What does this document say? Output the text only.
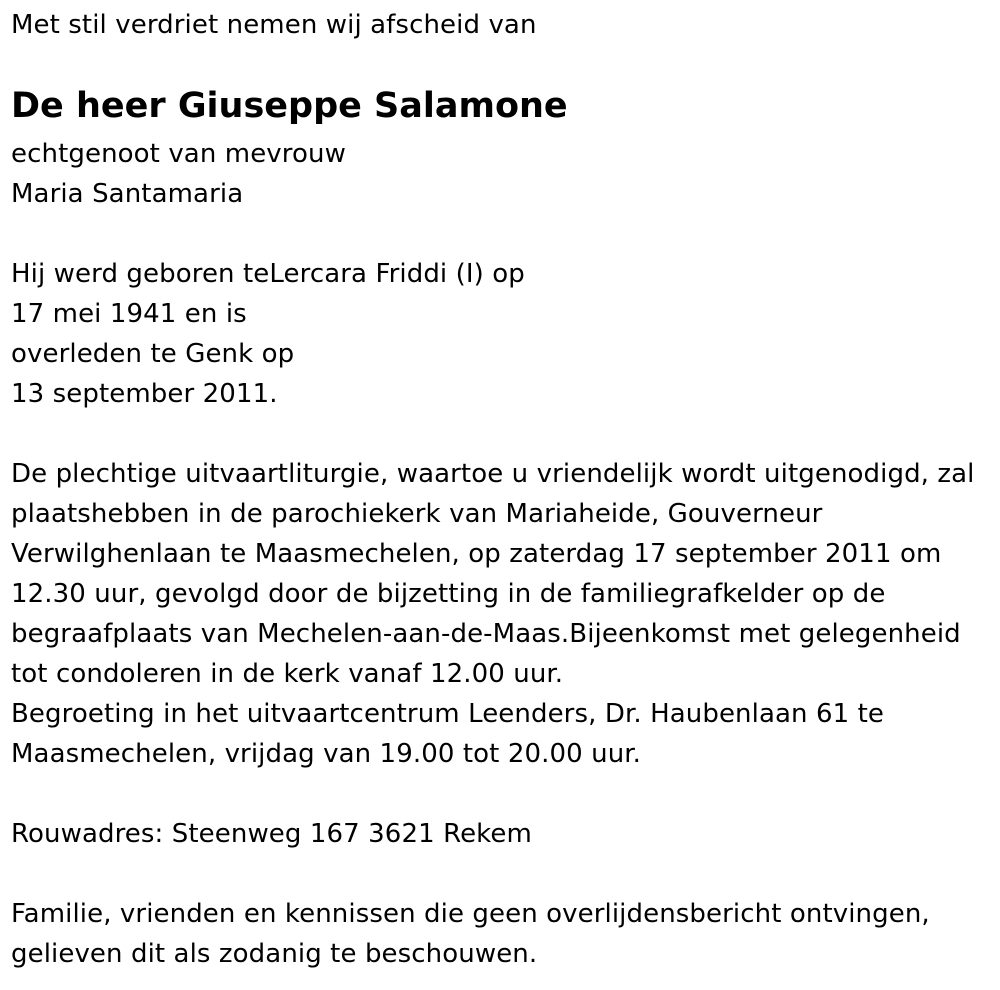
Met stil verdriet nemen wij afscheid van
De heer Giuseppe Salamone
echtgenoot van mevrouw
Maria Santamaria
Hij werd geboren teLercara Friddi (I) op
17 mei 1941 en is
overleden te Genk op
13 september 2011.
De plechtige uitvaartliturgie, waartoe u vriendelijk wordt uitgenodigd, zal
plaatshebben in de parochiekerk van Mariaheide, Gouverneur
Verwilghenlaan te Maasmechelen, op zaterdag 17 september 2011 om
12.30 uur, gevolgd door de bijzetting in de familiegrafkelder op de
begraafplaats van Mechelen-aan-de-Maas.Bijeenkomst met gelegenheid
tot condoleren in de kerk vanaf 12.00 uur.
Begroeting in het uitvaartcentrum Leenders, Dr. Haubenlaan 61 te
Maasmechelen, vrijdag van 19.00 tot 20.00 uur.
Rouwadres: Steenweg 167 3621 Rekem
Familie, vrienden en kennissen die geen overlijdensbericht ontvingen,
gelieven dit als zodanig te beschouwen.
